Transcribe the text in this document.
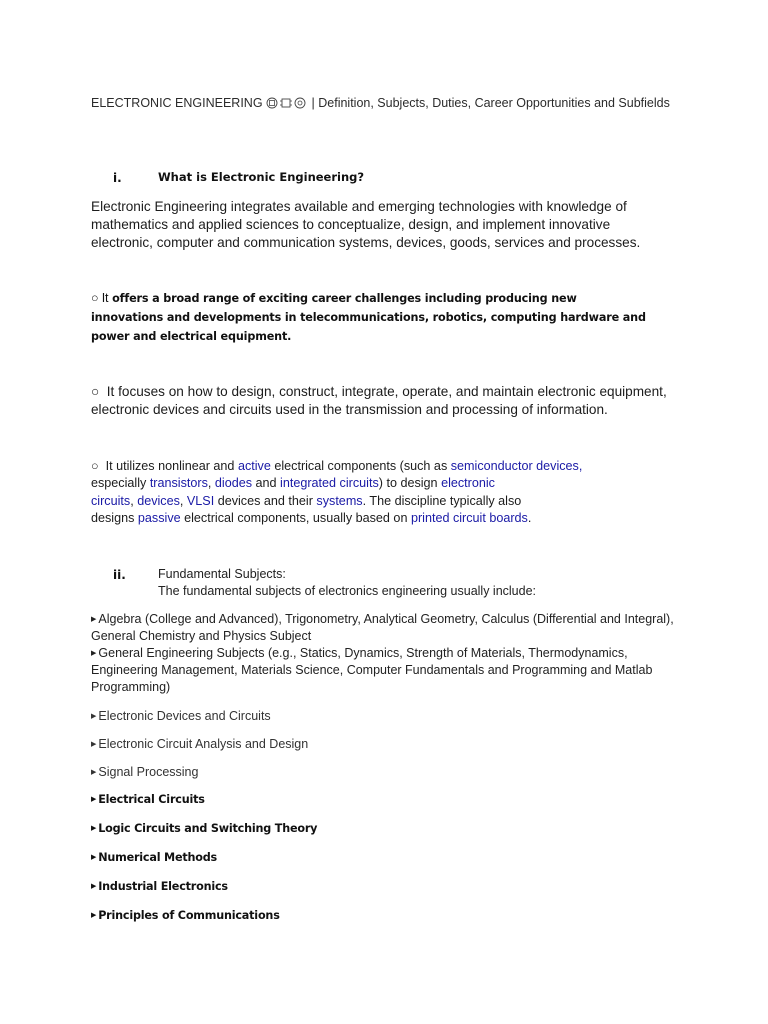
ELECTRONIC ENGINEERING	| Definition, Subjects, Duties, Career Opportunities and Subfields
i.	What is Electronic Engineering?
Electronic Engineering integrates available and emerging technologies with knowledge of mathematics and applied sciences to conceptualize, design, and implement innovative electronic, computer and communication systems, devices, goods, services and processes.
○ It offers a broad range of exciting career challenges including producing new innovations and developments in telecommunications, robotics, computing hardware and power and electrical equipment.
○ It focuses on how to design, construct, integrate, operate, and maintain electronic equipment, electronic devices and circuits used in the transmission and processing of information.
○ It utilizes nonlinear and active electrical components (such as semiconductor devices,
especially transistors, diodes and integrated circuits) to design electronic
circuits, devices, VLSI devices and their systems. The discipline typically also
designs passive electrical components, usually based on printed circuit boards.
ii.	Fundamental Subjects:
The fundamental subjects of electronics engineering usually include:
▶ Algebra (College and Advanced), Trigonometry, Analytical Geometry, Calculus (Differential and Integral), General Chemistry and Physics Subject
▶ General Engineering Subjects (e.g., Statics, Dynamics, Strength of Materials, Thermodynamics, Engineering Management, Materials Science, Computer Fundamentals and Programming and Matlab Programming)
▶ Electronic Devices and Circuits
▶ Electronic Circuit Analysis and Design
▶ Signal Processing
▶ Electrical Circuits
▶ Logic Circuits and Switching Theory
▶ Numerical Methods
▶ Industrial Electronics
▶ Principles of Communications
